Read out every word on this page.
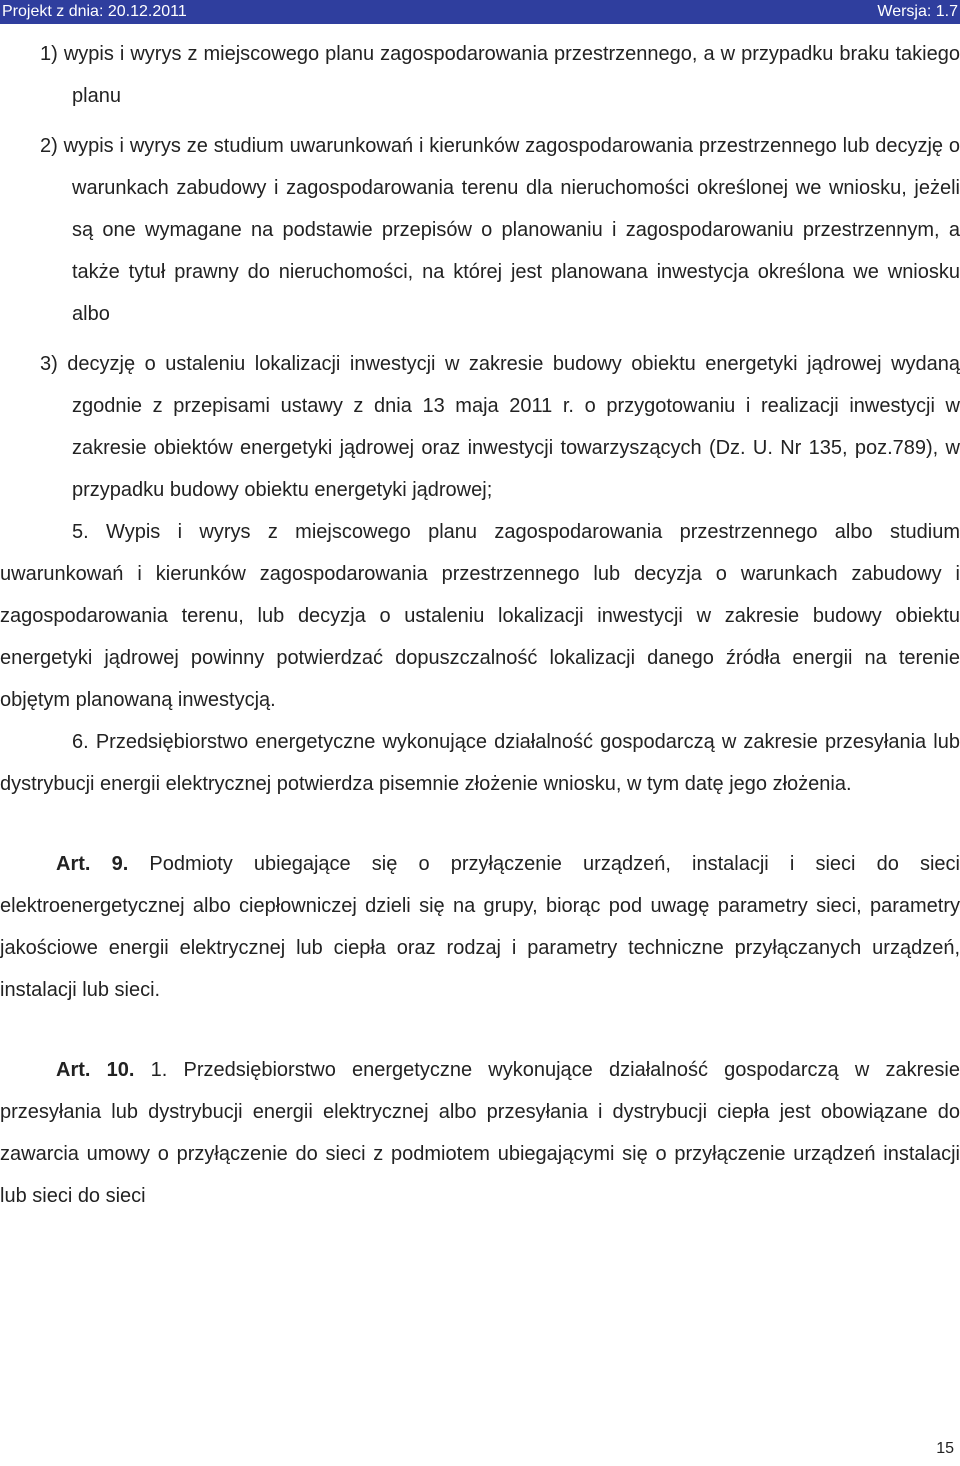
Projekt z dnia: 20.12.2011	Wersja: 1.7

1) wypis i wyrys z miejscowego planu zagospodarowania przestrzennego, a w przypadku braku takiego planu

2) wypis i wyrys ze studium uwarunkowań i kierunków zagospodarowania przestrzennego lub decyzję o warunkach zabudowy i zagospodarowania terenu dla nieruchomości określonej we wniosku, jeżeli są one wymagane na podstawie przepisów o planowaniu i zagospodarowaniu przestrzennym, a także tytuł prawny do nieruchomości, na której jest planowana inwestycja określona we wniosku albo

3) decyzję o ustaleniu lokalizacji inwestycji w zakresie budowy obiektu energetyki jądrowej wydaną zgodnie z przepisami ustawy z dnia 13 maja 2011 r. o przygotowaniu i realizacji inwestycji w zakresie obiektów energetyki jądrowej oraz inwestycji towarzyszących (Dz. U. Nr 135, poz.789), w przypadku budowy obiektu energetyki jądrowej;

5. Wypis i wyrys z miejscowego planu zagospodarowania przestrzennego albo studium uwarunkowań i kierunków zagospodarowania przestrzennego lub decyzja o warunkach zabudowy i zagospodarowania terenu, lub decyzja o ustaleniu lokalizacji inwestycji w zakresie budowy obiektu energetyki jądrowej powinny potwierdzać dopuszczalność lokalizacji danego źródła energii na terenie objętym planowaną inwestycją.

6. Przedsiębiorstwo energetyczne wykonujące działalność gospodarczą w zakresie przesyłania lub dystrybucji energii elektrycznej potwierdza pisemnie złożenie wniosku, w tym datę jego złożenia.

Art. 9. Podmioty ubiegające się o przyłączenie urządzeń, instalacji i sieci do sieci elektroenergetycznej albo ciepłowniczej dzieli się na grupy, biorąc pod uwagę parametry sieci, parametry jakościowe energii elektrycznej lub ciepła oraz rodzaj i parametry techniczne przyłączanych urządzeń, instalacji lub sieci.

Art. 10. 1. Przedsiębiorstwo energetyczne wykonujące działalność gospodarczą w zakresie przesyłania lub dystrybucji energii elektrycznej albo przesyłania i dystrybucji ciepła jest obowiązane do zawarcia umowy o przyłączenie do sieci z podmiotem ubiegającymi się o przyłączenie urządzeń instalacji lub sieci do sieci

15
